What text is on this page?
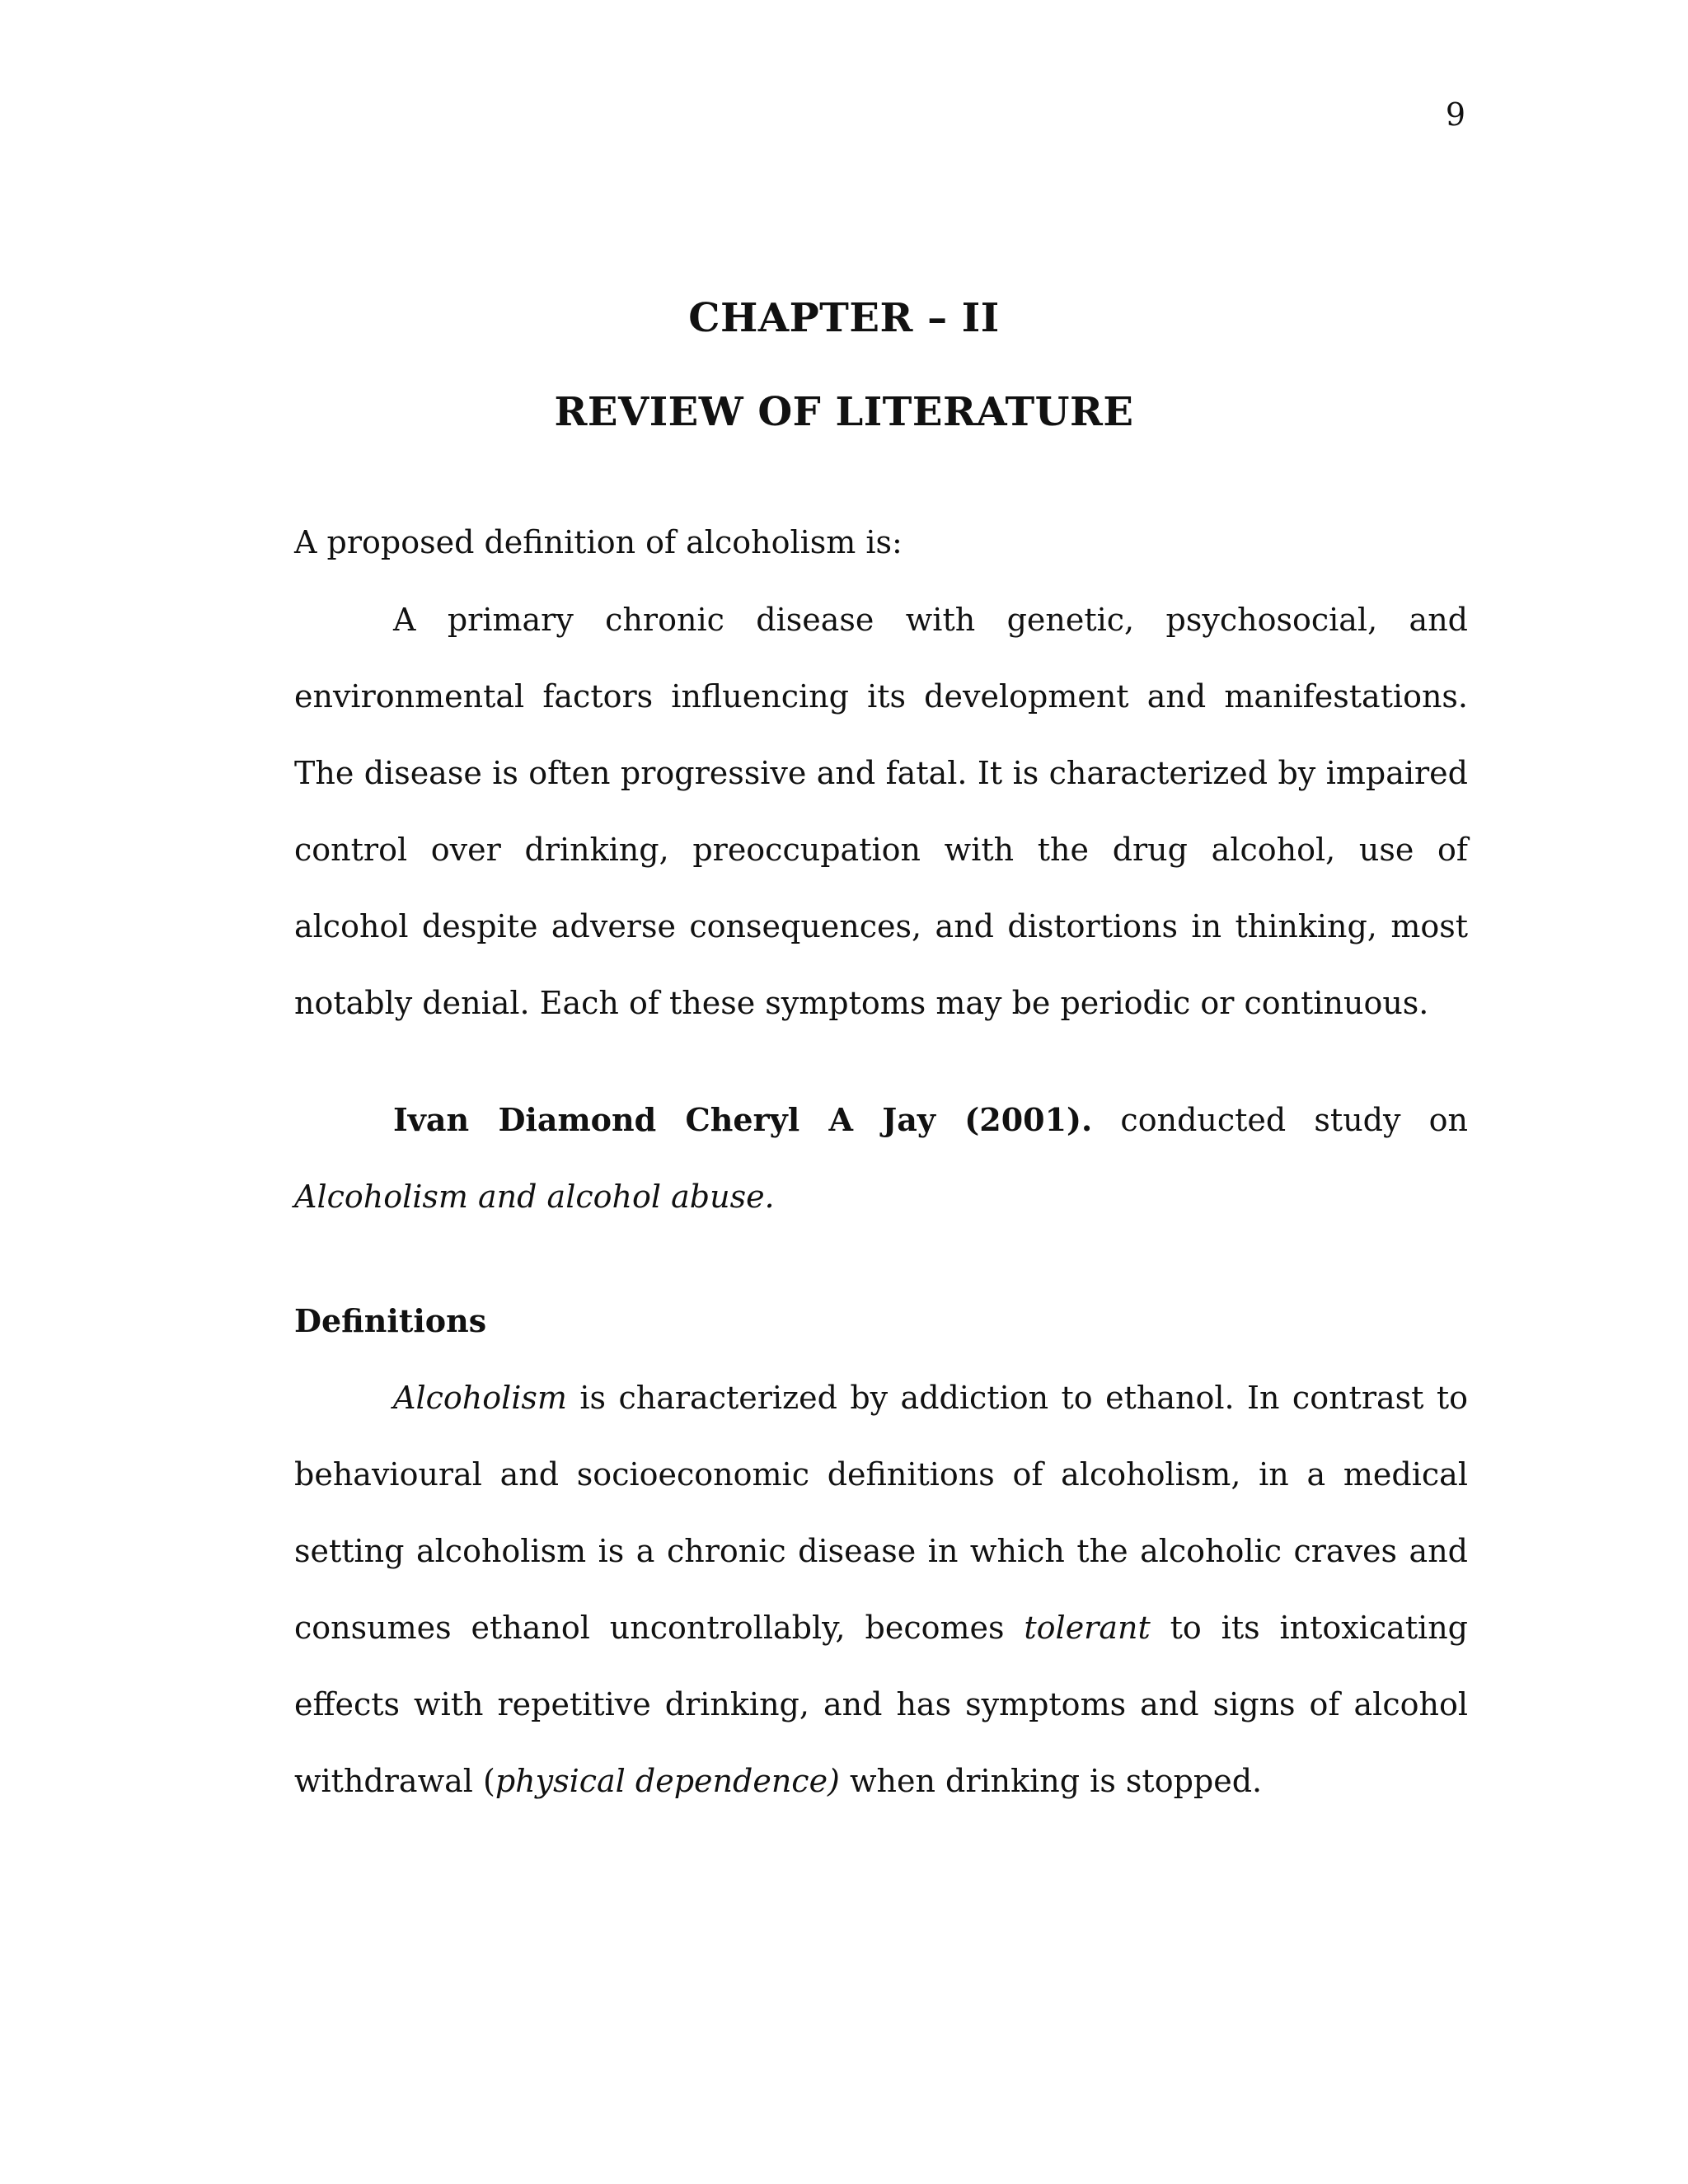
9
CHAPTER – II
REVIEW OF LITERATURE

A proposed definition of alcoholism is:

A primary chronic disease with genetic, psychosocial, and environmental factors influencing its development and manifestations. The disease is often progressive and fatal. It is characterized by impaired control over drinking, preoccupation with the drug alcohol, use of alcohol despite adverse consequences, and distortions in thinking, most notably denial. Each of these symptoms may be periodic or continuous.

Ivan Diamond Cheryl A Jay (2001). conducted study on Alcoholism and alcohol abuse.

Definitions

Alcoholism is characterized by addiction to ethanol. In contrast to behavioural and socioeconomic definitions of alcoholism, in a medical setting alcoholism is a chronic disease in which the alcoholic craves and consumes ethanol uncontrollably, becomes tolerant to its intoxicating effects with repetitive drinking, and has symptoms and signs of alcohol withdrawal (physical dependence) when drinking is stopped.
